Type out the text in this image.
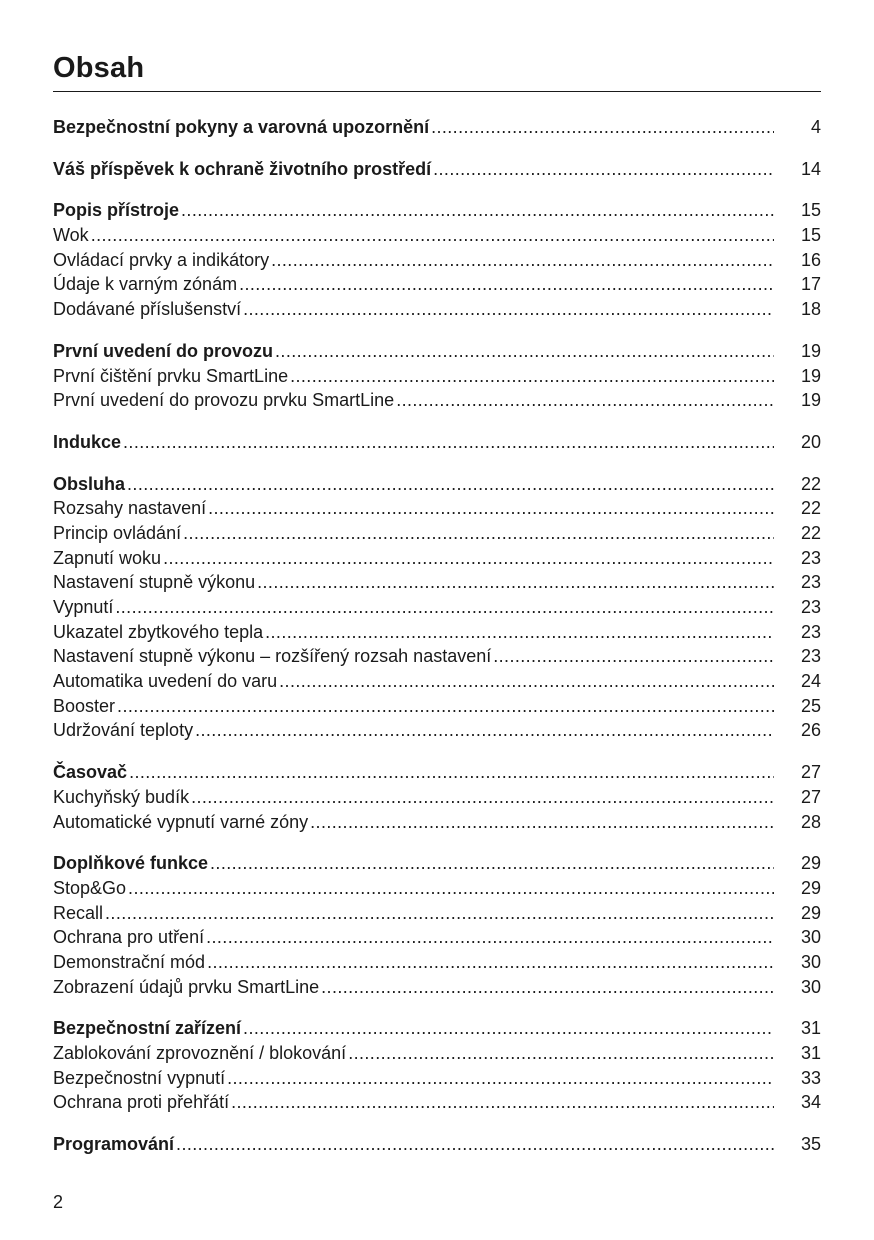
Obsah
Bezpečnostní pokyny a varovná upozornění .....	4
Váš příspěvek k ochraně životního prostředí .....	14
Popis přístroje .....	15
Wok .....	15
Ovládací prvky a indikátory .....	16
Údaje k varným zónám .....	17
Dodávané příslušenství .....	18
První uvedení do provozu .....	19
První čištění prvku SmartLine .....	19
První uvedení do provozu prvku SmartLine .....	19
Indukce .....	20
Obsluha .....	22
Rozsahy nastavení .....	22
Princip ovládání .....	22
Zapnutí woku .....	23
Nastavení stupně výkonu .....	23
Vypnutí .....	23
Ukazatel zbytkového tepla .....	23
Nastavení stupně výkonu – rozšířený rozsah nastavení .....	23
Automatika uvedení do varu .....	24
Booster .....	25
Udržování teploty .....	26
Časovač .....	27
Kuchyňský budík .....	27
Automatické vypnutí varné zóny .....	28
Doplňkové funkce .....	29
Stop&Go .....	29
Recall .....	29
Ochrana pro utření .....	30
Demonstrační mód .....	30
Zobrazení údajů prvku SmartLine .....	30
Bezpečnostní zařízení .....	31
Zablokování zprovoznění / blokování .....	31
Bezpečnostní vypnutí .....	33
Ochrana proti přehřátí .....	34
Programování .....	35
2
